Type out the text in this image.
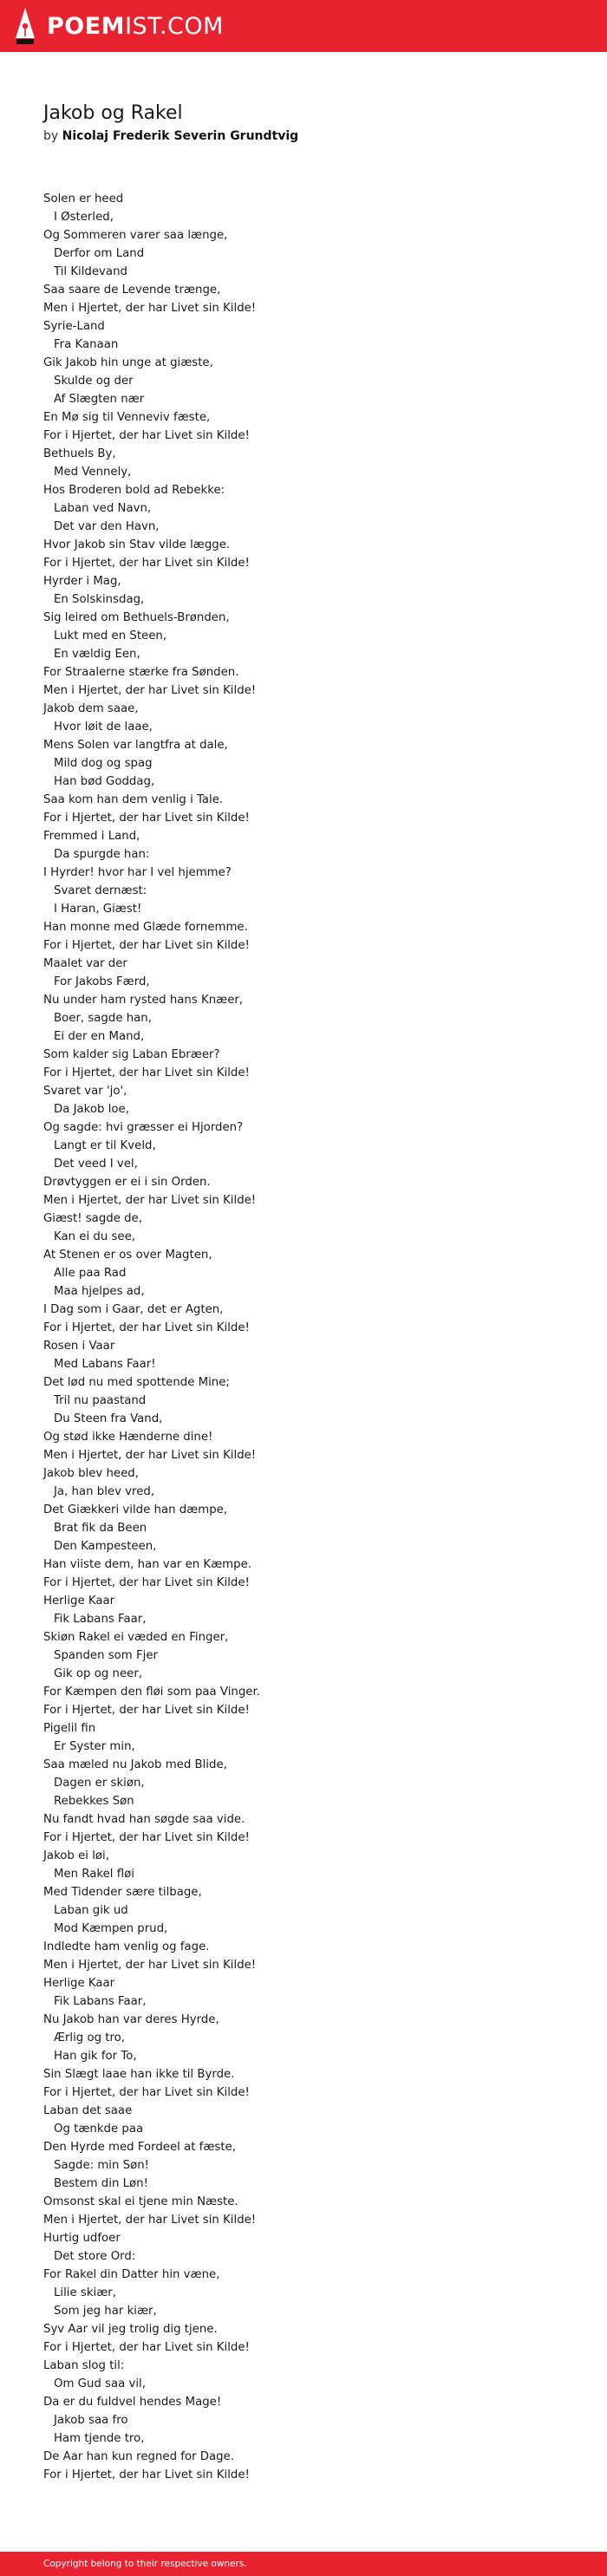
POEMIST.COM
Jakob og Rakel
by Nicolaj Frederik Severin Grundtvig
Solen er heed
I Østerled,
Og Sommeren varer saa længe,
Derfor om Land
Til Kildevand
Saa saare de Levende trænge,
Men i Hjertet, der har Livet sin Kilde!
Syrie-Land
Fra Kanaan
Gik Jakob hin unge at giæste,
Skulde og der
Af Slægten nær
En Mø sig til Venneviv fæste,
For i Hjertet, der har Livet sin Kilde!
Bethuels By,
Med Vennely,
Hos Broderen bold ad Rebekke:
Laban ved Navn,
Det var den Havn,
Hvor Jakob sin Stav vilde lægge.
For i Hjertet, der har Livet sin Kilde!
Hyrder i Mag,
En Solskinsdag,
Sig leired om Bethuels-Brønden,
Lukt med en Steen,
En vældig Een,
For Straalerne stærke fra Sønden.
Men i Hjertet, der har Livet sin Kilde!
Jakob dem saae,
Hvor løit de laae,
Mens Solen var langtfra at dale,
Mild dog og spag
Han bød Goddag,
Saa kom han dem venlig i Tale.
For i Hjertet, der har Livet sin Kilde!
Fremmed i Land,
Da spurgde han:
I Hyrder! hvor har I vel hjemme?
Svaret dernæst:
I Haran, Giæst!
Han monne med Glæde fornemme.
For i Hjertet, der har Livet sin Kilde!
Maalet var der
For Jakobs Færd,
Nu under ham rysted hans Knæer,
Boer, sagde han,
Ei der en Mand,
Som kalder sig Laban Ebræer?
For i Hjertet, der har Livet sin Kilde!
Svaret var 'jo',
Da Jakob loe,
Og sagde: hvi græsser ei Hjorden?
Langt er til Kveld,
Det veed I vel,
Drøvtyggen er ei i sin Orden.
Men i Hjertet, der har Livet sin Kilde!
Giæst! sagde de,
Kan ei du see,
At Stenen er os over Magten,
Alle paa Rad
Maa hjelpes ad,
I Dag som i Gaar, det er Agten,
For i Hjertet, der har Livet sin Kilde!
Rosen i Vaar
Med Labans Faar!
Det lød nu med spottende Mine;
Tril nu paastand
Du Steen fra Vand,
Og stød ikke Hænderne dine!
Men i Hjertet, der har Livet sin Kilde!
Jakob blev heed,
Ja, han blev vred,
Det Giækkeri vilde han dæmpe,
Brat fik da Been
Den Kampesteen,
Han viiste dem, han var en Kæmpe.
For i Hjertet, der har Livet sin Kilde!
Herlige Kaar
Fik Labans Faar,
Skiøn Rakel ei væded en Finger,
Spanden som Fjer
Gik op og neer,
For Kæmpen den fløi som paa Vinger.
For i Hjertet, der har Livet sin Kilde!
Pigelil fin
Er Syster min,
Saa mæled nu Jakob med Blide,
Dagen er skiøn,
Rebekkes Søn
Nu fandt hvad han søgde saa vide.
For i Hjertet, der har Livet sin Kilde!
Jakob ei løi,
Men Rakel fløi
Med Tidender sære tilbage,
Laban gik ud
Mod Kæmpen prud,
Indledte ham venlig og fage.
Men i Hjertet, der har Livet sin Kilde!
Herlige Kaar
Fik Labans Faar,
Nu Jakob han var deres Hyrde,
Ærlig og tro,
Han gik for To,
Sin Slægt laae han ikke til Byrde.
For i Hjertet, der har Livet sin Kilde!
Laban det saae
Og tænkde paa
Den Hyrde med Fordeel at fæste,
Sagde: min Søn!
Bestem din Løn!
Omsonst skal ei tjene min Næste.
Men i Hjertet, der har Livet sin Kilde!
Hurtig udfoer
Det store Ord:
For Rakel din Datter hin væne,
Lilie skiær,
Som jeg har kiær,
Syv Aar vil jeg trolig dig tjene.
For i Hjertet, der har Livet sin Kilde!
Laban slog til:
Om Gud saa vil,
Da er du fuldvel hendes Mage!
Jakob saa fro
Ham tjende tro,
De Aar han kun regned for Dage.
For i Hjertet, der har Livet sin Kilde!
Copyright belong to their respective owners.
